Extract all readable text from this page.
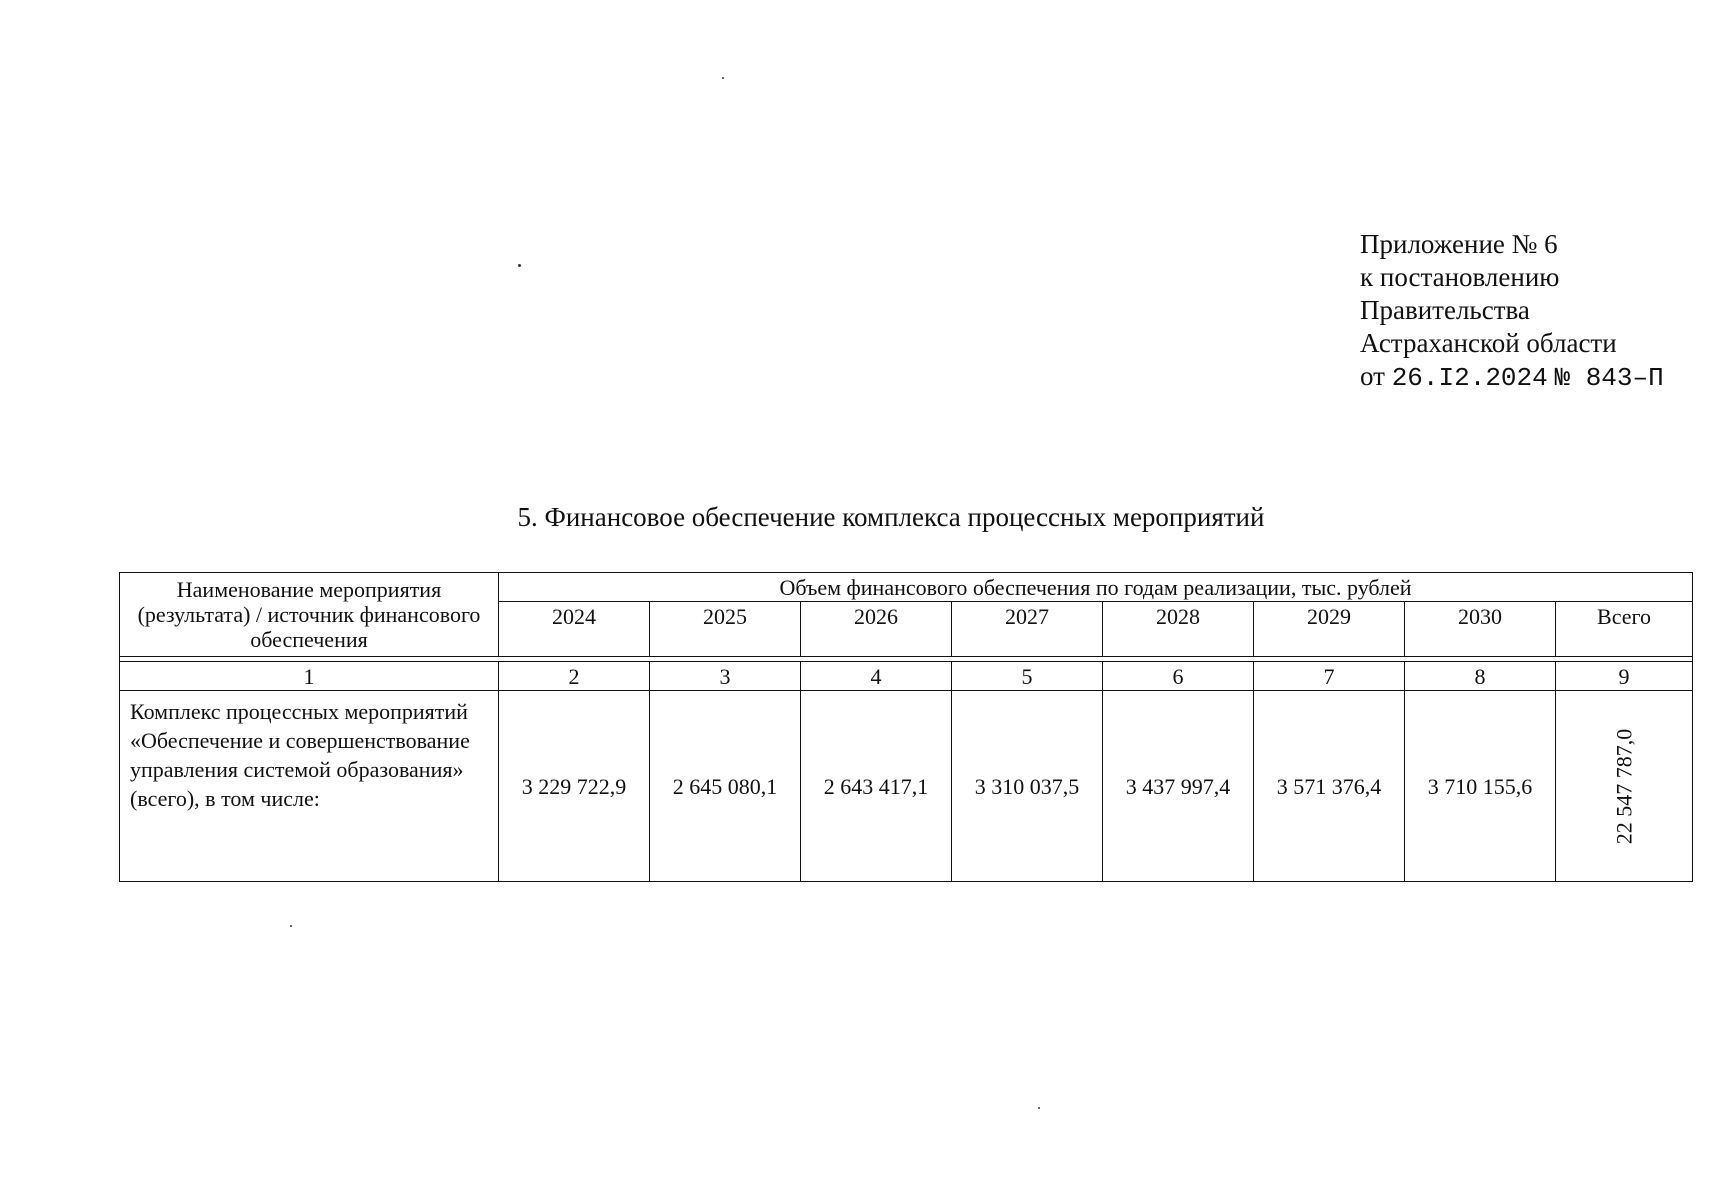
Приложение № 6
к постановлению
Правительства
Астраханской области
от 26.I2.2024 № 843–П
5. Финансовое обеспечение комплекса процессных мероприятий
Наименование мероприятия (результата) / источник финансового обеспечения	Объем финансового обеспечения по годам реализации, тыс. рублей							
	2024	2025	2026	2027	2028	2029	2030	Всего

1	2	3	4	5	6	7	8	9
Комплекс процессных мероприятий «Обеспечение и совершенствование управления системой образования» (всего), в том числе:	3 229 722,9	2 645 080,1	2 643 417,1	3 310 037,5	3 437 997,4	3 571 376,4	3 710 155,6	22 547 787,0
